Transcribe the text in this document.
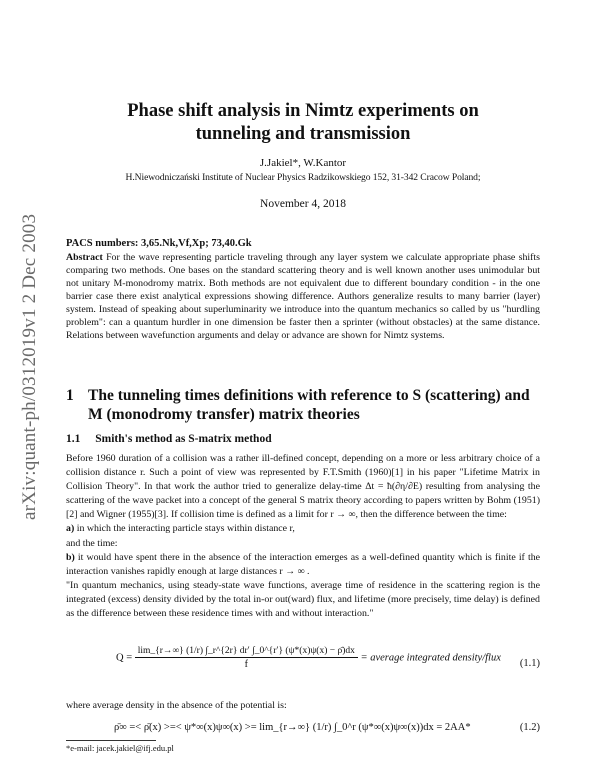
arXiv:quant-ph/0312019v1 2 Dec 2003
Phase shift analysis in Nimtz experiments on
tunneling and transmission
J.Jakiel*, W.Kantor
H.Niewodniczański Institute of Nuclear Physics Radzikowskiego 152, 31-342 Cracow Poland;
November 4, 2018
PACS numbers: 3,65.Nk,Vf,Xp; 73,40.Gk
Abstract For the wave representing particle traveling through any layer system we calculate appropriate phase shifts comparing two methods. One bases on the standard scattering theory and is well known another uses unimodular but not unitary M-monodromy matrix. Both methods are not equivalent due to different boundary condition - in the one barrier case there exist analytical expressions showing difference. Authors generalize results to many barrier (layer) system. Instead of speaking about superluminarity we introduce into the quantum mechanics so called by us "hurdling problem": can a quantum hurdler in one dimension be faster then a sprinter (without obstacles) at the same distance. Relations between wavefunction arguments and delay or advance are shown for Nimtz systems.
1 The tunneling times definitions with reference to S (scattering) and M (monodromy transfer) matrix theories
1.1 Smith's method as S-matrix method

Before 1960 duration of a collision was a rather ill-defined concept, depending on a more or less arbitrary choice of a collision distance r. Such a point of view was represented by F.T.Smith (1960)[1] in his paper "Lifetime Matrix in Collision Theory". In that work the author tried to generalize delay-time Δt = ħ(∂η/∂E) resulting from analysing the scattering of the wave packet into a concept of the general S matrix theory according to papers written by Bohm (1951)[2] and Wigner (1955)[3]. If collision time is defined as a limit for r → ∞, then the difference between the time:

a) in which the interacting particle stays within distance r,

and the time:

b) it would have spent there in the absence of the interaction emerges as a well-defined quantity which is finite if the interaction vanishes rapidly enough at large distances r → ∞ .

"In quantum mechanics, using steady-state wave functions, average time of residence in the scattering region is the integrated (excess) density divided by the total in-or out(ward) flux, and lifetime (more precisely, time delay) is defined as the difference between these residence times with and without interaction."

$Q = \frac{\lim\_\{r\to\infty\} (1/r) \int\_r\^{}\{2r\} dr' \int\_0\^{}\{r'\} (\psi*(x)\psi(x) - \rhō)dx}{f}$ = average integrated density/flux
(1.1)
where average density in the absence of the potential is:
ρ̄∞ =< ρ̄(x) >=< ψ*∞(x)ψ∞(x) >= lim_{r→∞} (1/r) ∫_0^r (ψ*∞(x)ψ∞(x))dx = 2AA*	(1.2)
*e-mail: jacek.jakiel@ifj.edu.pl
